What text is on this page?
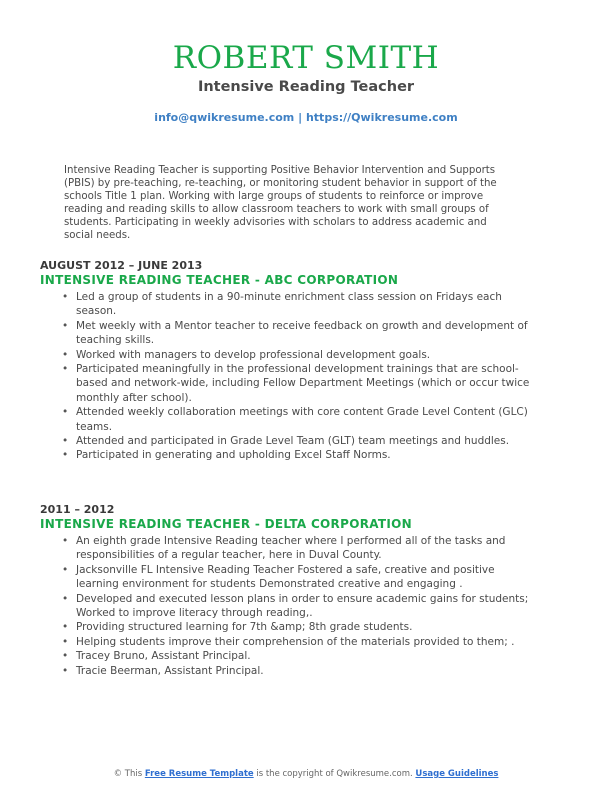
ROBERT SMITH
Intensive Reading Teacher
info@qwikresume.com | https://Qwikresume.com
Intensive Reading Teacher is supporting Positive Behavior Intervention and Supports (PBIS) by pre-teaching, re-teaching, or monitoring student behavior in support of the schools Title 1 plan. Working with large groups of students to reinforce or improve reading and reading skills to allow classroom teachers to work with small groups of students. Participating in weekly advisories with scholars to address academic and social needs.
AUGUST 2012 – JUNE 2013
INTENSIVE READING TEACHER - ABC CORPORATION
• Led a group of students in a 90-minute enrichment class session on Fridays each season.
• Met weekly with a Mentor teacher to receive feedback on growth and development of teaching skills.
• Worked with managers to develop professional development goals.
• Participated meaningfully in the professional development trainings that are school-based and network-wide, including Fellow Department Meetings (which or occur twice monthly after school).
• Attended weekly collaboration meetings with core content Grade Level Content (GLC) teams.
• Attended and participated in Grade Level Team (GLT) team meetings and huddles.
• Participated in generating and upholding Excel Staff Norms.
2011 – 2012
INTENSIVE READING TEACHER - DELTA CORPORATION
• An eighth grade Intensive Reading teacher where I performed all of the tasks and responsibilities of a regular teacher, here in Duval County.
• Jacksonville FL Intensive Reading Teacher Fostered a safe, creative and positive learning environment for students Demonstrated creative and engaging .
• Developed and executed lesson plans in order to ensure academic gains for students; Worked to improve literacy through reading,.
• Providing structured learning for 7th &amp; 8th grade students.
• Helping students improve their comprehension of the materials provided to them; .
• Tracey Bruno, Assistant Principal.
• Tracie Beerman, Assistant Principal.
© This Free Resume Template is the copyright of Qwikresume.com. Usage Guidelines
